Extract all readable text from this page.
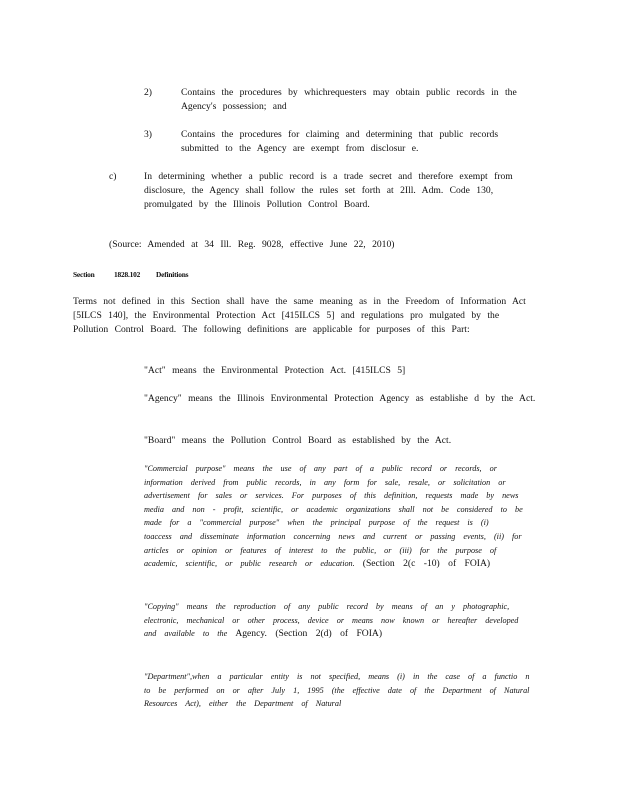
2)	Contains the procedures by whichrequesters may obtain public records in the Agency's possession; and
3)	Contains the procedures for claiming and determining that public records submitted to the Agency are exempt from disclosur e.
c)	In determining whether a public record is a trade secret and therefore exempt from disclosure, the Agency shall follow the rules set forth at 2Ill. Adm. Code 130, promulgated by the Illinois Pollution Control Board.
(Source: Amended at 34 Ill. Reg. 9028, effective June 22, 2010)
Section	1828.102 Definitions
Terms not defined in this Section shall have the same meaning as in the Freedom of Information Act [5ILCS 140], the Environmental Protection Act [415ILCS 5] and regulations pro mulgated by the Pollution Control Board. The following definitions are applicable for purposes of this Part:
"Act" means the Environmental Protection Act. [415ILCS 5]
"Agency" means the Illinois Environmental Protection Agency as establishe d by the Act.
"Board" means the Pollution Control Board as established by the Act.
"Commercial purpose" means the use of any part of a public record or records, or information derived from public records, in any form for sale, resale, or solicitation or advertisement for sales or services. For purposes of this definition, requests made by news media and non - profit, scientific, or academic organizations shall not be considered to be made for a "commercial purpose" when the principal purpose of the request is (i) toaccess and disseminate information concerning news and current or passing events, (ii) for articles or opinion or features of interest to the public, or (iii) for the purpose of academic, scientific, or public research or education. (Section 2(c -10) of FOIA)
"Copying" means the reproduction of any public record by means of an y photographic, electronic, mechanical or other process, device or means now known or hereafter developed and available to the Agency. (Section 2(d) of FOIA)
"Department",when a particular entity is not specified, means (i) in the case of a functio n to be performed on or after July 1, 1995 (the effective date of the Department of Natural Resources Act), either the Department of Natural
